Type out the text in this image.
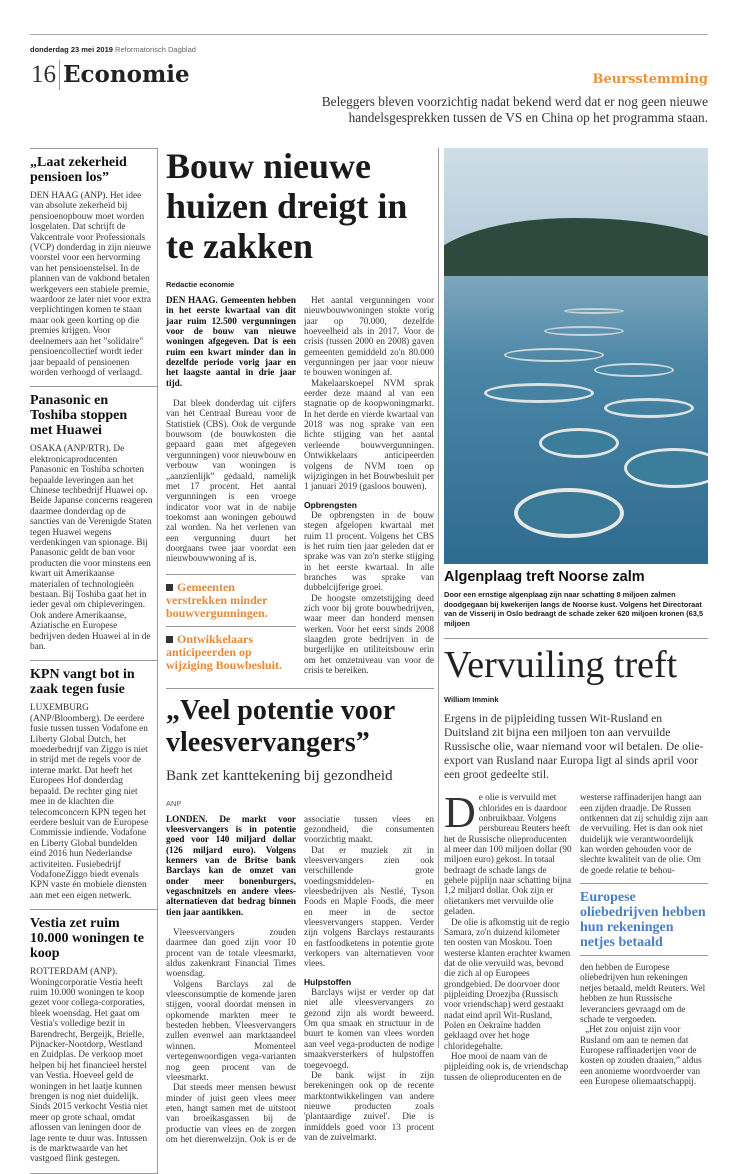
donderdag 23 mei 2019 Reformatorisch Dagblad
16 Economie	Beursstemming
Beleggers bleven voorzichtig nadat bekend werd dat er nog geen nieuwe handelsgesprekken tussen de VS en China op het programma staan.
„Laat zekerheid pensioen los”

DEN HAAG (ANP). Het idee van absolute zekerheid bij pensioenopbouw moet worden losgelaten. Dat schrijft de Vakcentrale voor Professionals (VCP) donderdag in zijn nieuwe voorstel voor een hervorming van het pensioenstelsel. In de plannen van de vakbond betalen werkgevers een stabiele premie, waardoor ze later niet voor extra verplichtingen komen te staan maar ook geen korting op die premies krijgen. Voor deelnemers aan het "solidaire" pensioencollectief wordt ieder jaar bepaald of pensioenen worden verhoogd of verlaagd.

Panasonic en Toshiba stoppen met Huawei

OSAKA (ANP/RTR). De elektronicaproducenten Panasonic en Toshiba schorten bepaalde leveringen aan het Chinese techbedrijf Huawei op. Beide Japanse concerns reageren daarmee donderdag op de sancties van de Verenigde Staten tegen Huawei wegens verdenkingen van spionage. Bij Panasonic geldt de ban voor producten die voor minstens een kwart uit Amerikaanse materialen of technologieën bestaan. Bij Toshiba gaat het in ieder geval om chipleveringen. Ook andere Amerikaanse, Aziatische en Europese bedrijven deden Huawei al in de ban.

KPN vangt bot in zaak tegen fusie

LUXEMBURG (ANP/Bloomberg). De eerdere fusie tussen tussen Vodafone en Liberty Global Dutch, het moederbedrijf van Ziggo is niet in strijd met de regels voor de interne markt. Dat heeft het Europees Hof donderdag bepaald. De rechter ging niet mee in de klachten die telecomconcern KPN tegen het eerdere besluit van de Europese Commissie indiende. Vodafone en Liberty Global bundelden eind 2016 hun Nederlandse activiteiten. Fusiebedrijf VodafoneZiggo biedt evenals KPN vaste én mobiele diensten aan met een eigen netwerk.

Vestia zet ruim 10.000 woningen te koop

ROTTERDAM (ANP). Woningcorporatie Vestia heeft ruim 10.000 woningen te koop gezet voor collega-corporaties, bleek woensdag. Het gaat om Vestia's volledige bezit in Barendrecht, Bergeijk, Brielle, Pijnacker-Nootdorp, Westland en Zuidplas. De verkoop moet helpen bij het financieel herstel van Vestia. Hoeveel geld de woningen in het laatje kunnen brengen is nog niet duidelijk. Sinds 2015 verkocht Vestia niet meer op grote schaal, omdat aflossen van leningen door de lage rente te duur was. Intussen is de marktwaarde van het vastgoed flink gestegen.

Bouw nieuwe huizen dreigt in te zakken
Redactie economie

DEN HAAG. Gemeenten hebben in het eerste kwartaal van dit jaar ruim 12.500 vergunningen voor de bouw van nieuwe woningen afgegeven. Dat is een ruim een kwart minder dan in dezelfde periode vorig jaar en het laagste aantal in drie jaar tijd.

Dat bleek donderdag uit cijfers van het Centraal Bureau voor de Statistiek (CBS). Ook de vergunde bouwsom (de bouwkosten die gepaard gaan met afgegeven vergunningen) voor nieuwbouw en verbouw van woningen is „aanzienlijk” gedaald, namelijk met 17 procent. Het aantal vergunningen is een vroege indicator voor wat in de nabije toekomst aan woningen gebouwd zal worden. Na het verlenen van een vergunning duurt het doorgaans twee jaar voordat een nieuwbouwwoning af is.

Gemeenten verstrekken minder bouwvergunningen.
Ontwikkelaars anticipeerden op wijziging Bouwbesluit.

Het aantal vergunningen voor nieuwbouwwoningen stokte vorig jaar op 70.000, dezelfde hoeveelheid als in 2017. Voor de crisis (tussen 2000 en 2008) gaven gemeenten gemiddeld zo'n 80.000 vergunningen per jaar voor nieuw te bouwen woningen af.

Makelaarskoepel NVM sprak eerder deze maand al van een stagnatie op de koopwoningmarkt. In het derde en vierde kwartaal van 2018 was nog sprake van een lichte stijging van het aantal verleende bouwvergunningen. Ontwikkelaars anticipeerden volgens de NVM toen op wijzigingen in het Bouwbesluit per 1 januari 2019 (gasloos bouwen).

Opbrengsten

De opbrengsten in de bouw stegen afgelopen kwartaal met ruim 11 procent. Volgens het CBS is het ruim tien jaar geleden dat er sprake was van zo'n sterke stijging in het eerste kwartaal. In alle branches was sprake van dubbelcijferige groei.

De hoogste omzetstijging deed zich voor bij grote bouwbedrijven, waar meer dan honderd mensen werken. Voor het eerst sinds 2008 slaagden grote bedrijven in de burgerlijke en utiliteitsbouw erin om het omzetniveau van voor de crisis te bereiken.

„Veel potentie voor vleesvervangers”
Bank zet kanttekening bij gezondheid
ANP

LONDEN. De markt voor vleesvervangers is in potentie goed voor 140 miljard dollar (126 miljard euro). Volgens kenners van de Britse bank Barclays kan de omzet van onder meer bonenburgers, vegaschnitzels en andere vlees-alternatieven dat bedrag binnen tien jaar aantikken.

Vleesvervangers zouden daarmee dan goed zijn voor 10 procent van de totale vleesmarkt, aldus zakenkrant Financial Times woensdag.

Volgens Barclays zal de vleesconsumptie de komende jaren stijgen, vooral doordat mensen in opkomende markten meer te besteden hebben. Vleesvervangers zullen evenwel aan marktaandeel winnen. Momenteel vertegenwoordigen vega-varianten nog geen procent van de vleesmarkt.

Dat steeds meer mensen bewust minder of juist geen vlees meer eten, hangt samen met de uitstoot van broeikasgassen bij de productie van vlees en de zorgen om het dierenwelzijn. Ook is er de associatie tussen vlees en gezondheid, die consumenten voorzichtig maakt.

Dat er muziek zit in vleesvervangers zien ook verschillende grote voedingsmiddelen- en vleesbedrijven als Nestlé, Tyson Foods en Maple Foods, die meer en meer in de sector vleesvervangers stappen. Verder zijn volgens Barclays restaurants en fastfoodketens in potentie grote verkopers van alternatieven voor vlees.

Hulpstoffen

Barclays wijst er verder op dat niet alle vleesvervangers zo gezond zijn als wordt beweerd. Om qua smaak en structuur in de buurt te komen van vlees worden aan veel vega-producten de nodige smaakversterkers of hulpstoffen toegevoegd.

De bank wijst in zijn berekeningen ook op de recente marktontwikkelingen van andere nieuwe producten zoals 'plantaardige zuivel'. Die is inmiddels goed voor 13 procent van de zuivelmarkt.

Algenplaag treft Noorse zalm
Door een ernstige algenplaag zijn naar schatting 8 miljoen zalmen doodgegaan bij kwekerijen langs de Noorse kust. Volgens het Directoraat van de Visserij in Oslo bedraagt de schade zeker 620 miljoen kronen (63,5 miljoen
Vervuiling treft
William Immink
Ergens in de pijpleiding tussen Wit-Rusland en Duitsland zit bijna een miljoen ton aan vervuilde Russische olie, waar niemand voor wil betalen. De olie-export van Rusland naar Europa ligt al sinds april voor een groot gedeelte stil.

De olie is vervuild met chlorides en is daardoor onbruikbaar. Volgens persbureau Reuters heeft het de Russische olieproducenten al meer dan 100 miljoen dollar (90 miljoen euro) gekost. In totaal bedraagt de schade langs de gehele pijplijn naar schatting bijna 1,2 miljard dollar. Ook zijn er olietankers met vervuilde olie geladen.

De olie is afkomstig uit de regio Samara, zo'n duizend kilometer ten oosten van Moskou. Toen westerse klanten erachter kwamen dat de olie vervuild was, bevond die zich al op Europees grondgebied. De doorvoer door pijpleiding Droezjba (Russisch voor vriendschap) werd gestaakt nadat eind april Wit-Rusland, Polen en Oekraïne hadden geklaagd over het hoge chloridegehalte.

Hoe mooi de naam van de pijpleiding ook is, de vriendschap tussen de olieproducenten en de westerse raffinaderijen hangt aan een zijden draadje. De Russen

ontkennen dat zij schuldig zijn aan de vervuiling. Het is dan ook niet duidelijk wie verantwoordelijk kan worden gehouden voor de slechte kwaliteit van de olie. Om de goede relatie te behou-

Europese oliebedrijven hebben hun rekeningen netjes betaald

den hebben de Europese oliebedrijven hun rekeningen netjes betaald, meldt Reuters. Wel hebben ze hun Russische leveranciers gevraagd om de schade te vergoeden.

„Het zou onjuist zijn voor Rusland om aan te nemen dat Europese raffinaderijen voor de kosten op zouden draaien,” aldus een anonieme woordvoerder van een Europese oliemaatschappij.
